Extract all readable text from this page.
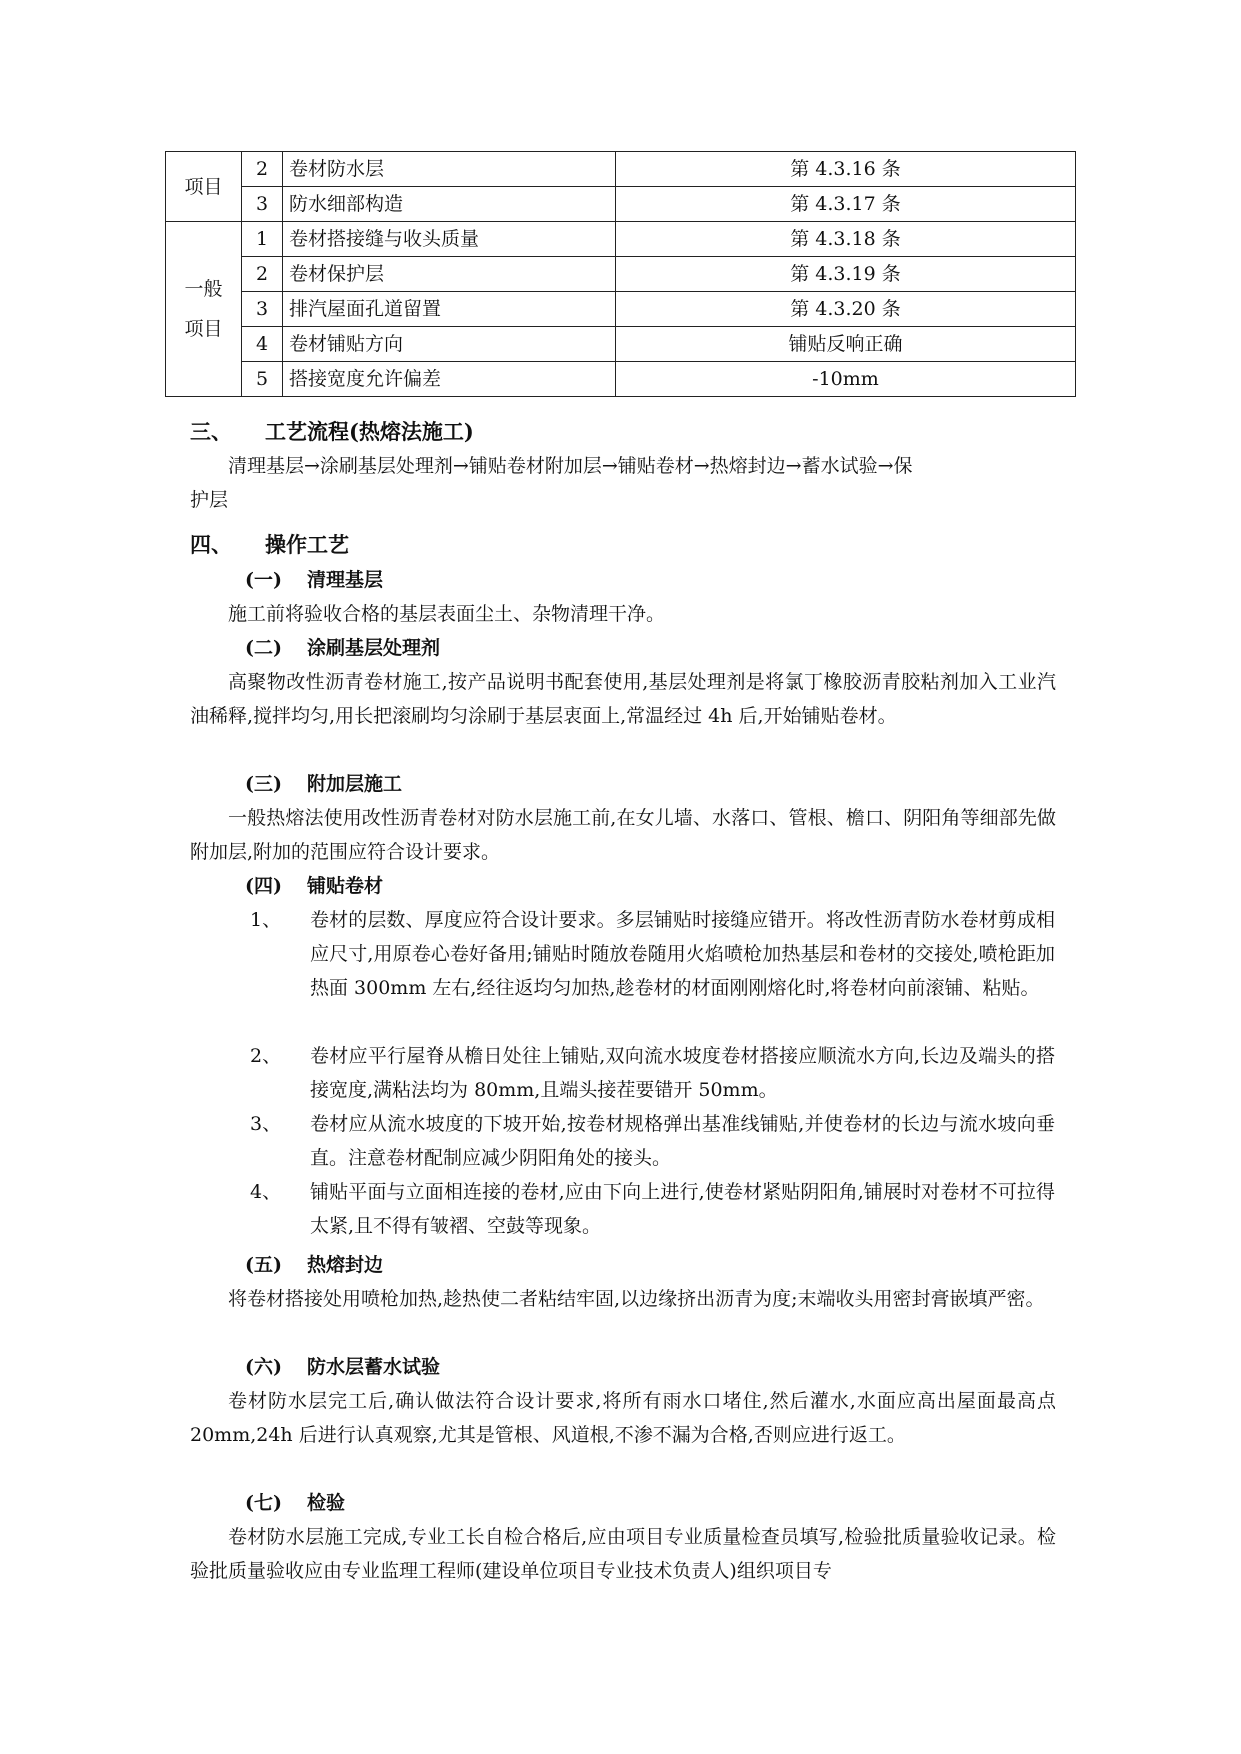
项目	2	卷材防水层	第 4.3.16 条
	3	防水细部构造	第 4.3.17 条
一般
项目	1	卷材搭接缝与收头质量	第 4.3.18 条
	2	卷材保护层	第 4.3.19 条
	3	排汽屋面孔道留置	第 4.3.20 条
	4	卷材铺贴方向	铺贴反响正确
	5	搭接宽度允许偏差	-10mm
三、 工艺流程(热熔法施工)
清理基层→涂刷基层处理剂→铺贴卷材附加层→铺贴卷材→热熔封边→蓄水试验→保
护层
四、 操作工艺
(一) 清理基层
施工前将验收合格的基层表面尘土、杂物清理干净。
(二) 涂刷基层处理剂
高聚物改性沥青卷材施工,按产品说明书配套使用,基层处理剂是将氯丁橡胶沥青胶粘剂加入工业汽油稀释,搅拌均匀,用长把滚刷均匀涂刷于基层衷面上,常温经过 4h 后,开始铺贴卷材。
(三) 附加层施工
一般热熔法使用改性沥青卷材对防水层施工前,在女儿墙、水落口、管根、檐口、阴阳角等细部先做附加层,附加的范围应符合设计要求。
(四) 铺贴卷材
1、 卷材的层数、厚度应符合设计要求。多层铺贴时接缝应错开。将改性沥青防水卷材剪成相应尺寸,用原卷心卷好备用;铺贴时随放卷随用火焰喷枪加热基层和卷材的交接处,喷枪距加热面 300mm 左右,经往返均匀加热,趁卷材的材面刚刚熔化时,将卷材向前滚铺、粘贴。
2、 卷材应平行屋脊从檐日处往上铺贴,双向流水坡度卷材搭接应顺流水方向,长边及端头的搭接宽度,满粘法均为 80mm,且端头接茬要错开 50mm。
3、 卷材应从流水坡度的下坡开始,按卷材规格弹出基准线铺贴,并使卷材的长边与流水坡向垂直。注意卷材配制应减少阴阳角处的接头。
4、 铺贴平面与立面相连接的卷材,应由下向上进行,使卷材紧贴阴阳角,铺展时对卷材不可拉得太紧,且不得有皱褶、空鼓等现象。
(五) 热熔封边
将卷材搭接处用喷枪加热,趁热使二者粘结牢固,以边缘挤出沥青为度;末端收头用密封膏嵌填严密。
(六) 防水层蓄水试验
卷材防水层完工后,确认做法符合设计要求,将所有雨水口堵住,然后灌水,水面应高出屋面最高点 20mm,24h 后进行认真观察,尤其是管根、风道根,不渗不漏为合格,否则应进行返工。
(七) 检验
卷材防水层施工完成,专业工长自检合格后,应由项目专业质量检查员填写,检验批质量验收记录。检验批质量验收应由专业监理工程师(建设单位项目专业技术负责人)组织项目专
